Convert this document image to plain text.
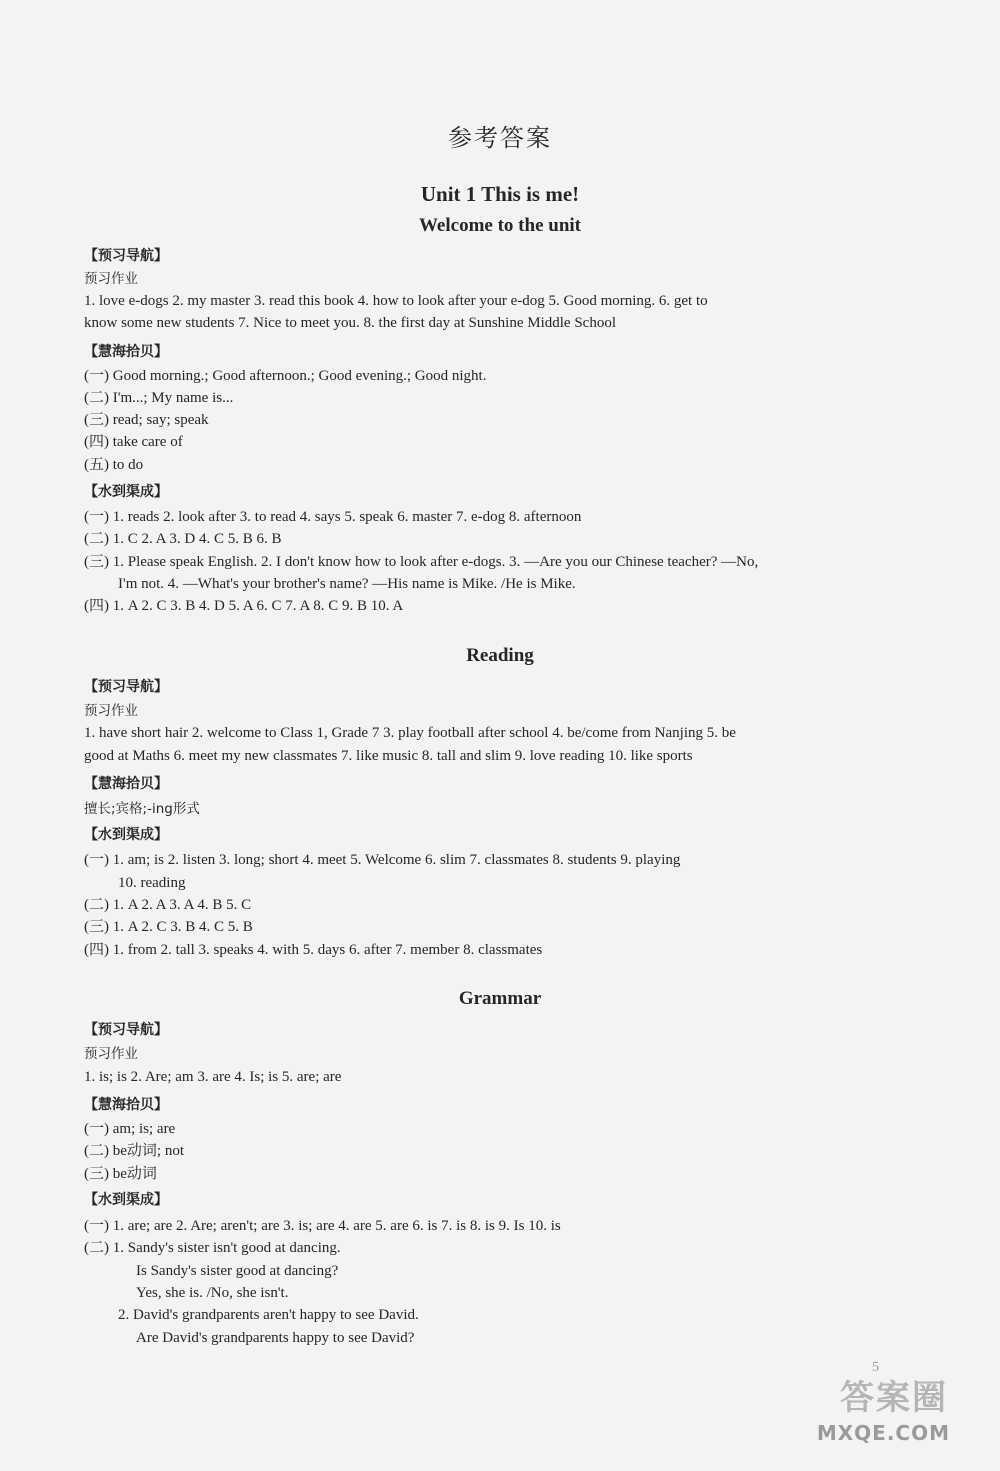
参考答案
Unit 1 This is me!
Welcome to the unit
【预习导航】
预习作业
1. love e-dogs 2. my master 3. read this book 4. how to look after your e-dog 5. Good morning. 6. get to
know some new students 7. Nice to meet you. 8. the first day at Sunshine Middle School
【慧海拾贝】
(一) Good morning.; Good afternoon.; Good evening.; Good night.
(二) I'm...; My name is...
(三) read; say; speak
(四) take care of
(五) to do
【水到渠成】
(一) 1. reads 2. look after 3. to read 4. says 5. speak 6. master 7. e-dog 8. afternoon
(二) 1. C 2. A 3. D 4. C 5. B 6. B
(三) 1. Please speak English. 2. I don't know how to look after e-dogs. 3. —Are you our Chinese teacher? —No,
I'm not. 4. —What's your brother's name? —His name is Mike. /He is Mike.
(四) 1. A 2. C 3. B 4. D 5. A 6. C 7. A 8. C 9. B 10. A
Reading
【预习导航】
预习作业
1. have short hair 2. welcome to Class 1, Grade 7 3. play football after school 4. be/come from Nanjing 5. be
good at Maths 6. meet my new classmates 7. like music 8. tall and slim 9. love reading 10. like sports
【慧海拾贝】
擅长;宾格;-ing形式
【水到渠成】
(一) 1. am; is 2. listen 3. long; short 4. meet 5. Welcome 6. slim 7. classmates 8. students 9. playing
10. reading
(二) 1. A 2. A 3. A 4. B 5. C
(三) 1. A 2. C 3. B 4. C 5. B
(四) 1. from 2. tall 3. speaks 4. with 5. days 6. after 7. member 8. classmates
Grammar
【预习导航】
预习作业
1. is; is 2. Are; am 3. are 4. Is; is 5. are; are
【慧海拾贝】
(一) am; is; are
(二) be动词; not
(三) be动词
【水到渠成】
(一) 1. are; are 2. Are; aren't; are 3. is; are 4. are 5. are 6. is 7. is 8. is 9. Is 10. is
(二) 1. Sandy's sister isn't good at dancing.
Is Sandy's sister good at dancing?
Yes, she is. /No, she isn't.
2. David's grandparents aren't happy to see David.
Are David's grandparents happy to see David?
5
答案圈
MXQE.COM
